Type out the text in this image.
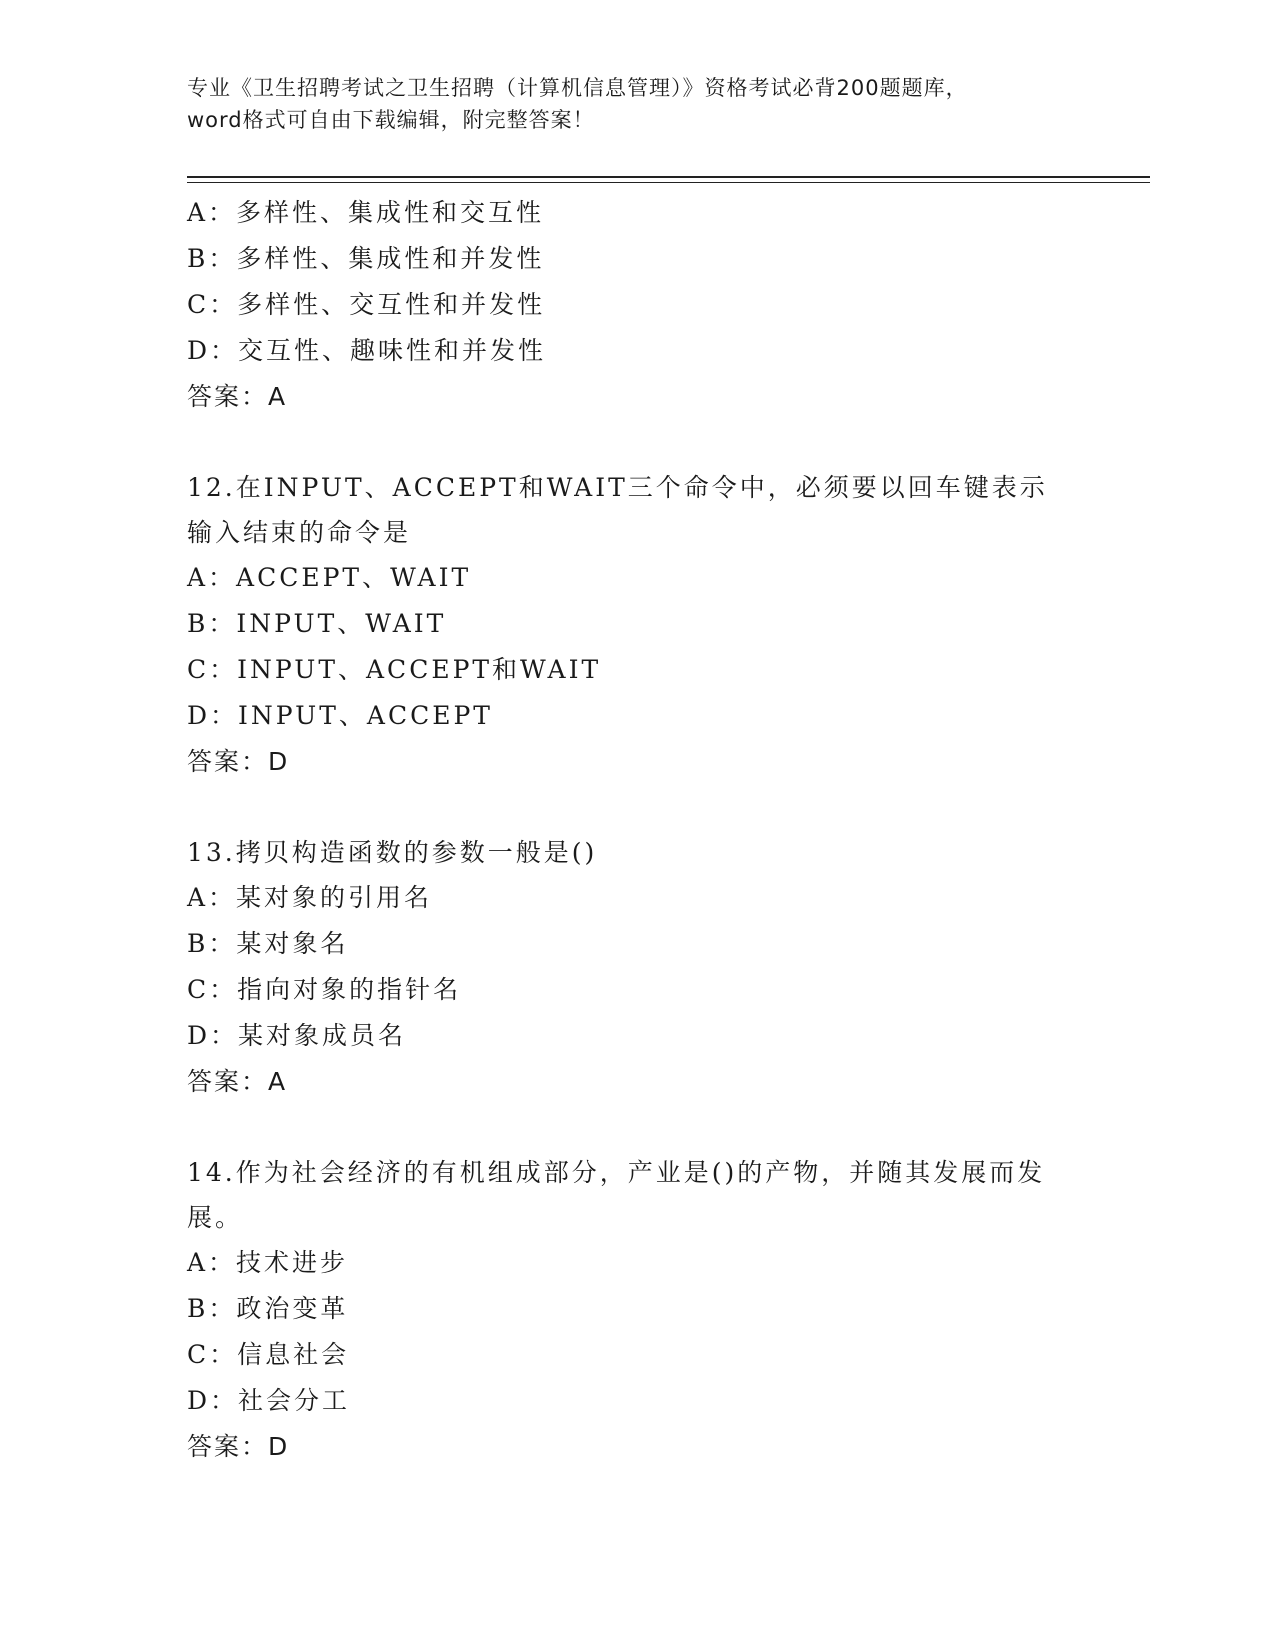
专业《卫生招聘考试之卫生招聘（计算机信息管理）》资格考试必背200题题库，
word格式可自由下载编辑，附完整答案！
A：多样性、集成性和交互性
B：多样性、集成性和并发性
C：多样性、交互性和并发性
D：交互性、趣味性和并发性
答案：A
12.在INPUT、ACCEPT和WAIT三个命令中，必须要以回车键表示输入结束的命令是
A：ACCEPT、WAIT
B：INPUT、WAIT
C：INPUT、ACCEPT和WAIT
D：INPUT、ACCEPT
答案：D
13.拷贝构造函数的参数一般是()
A：某对象的引用名
B：某对象名
C：指向对象的指针名
D：某对象成员名
答案：A
14.作为社会经济的有机组成部分，产业是()的产物，并随其发展而发展。
A：技术进步
B：政治变革
C：信息社会
D：社会分工
答案：D
